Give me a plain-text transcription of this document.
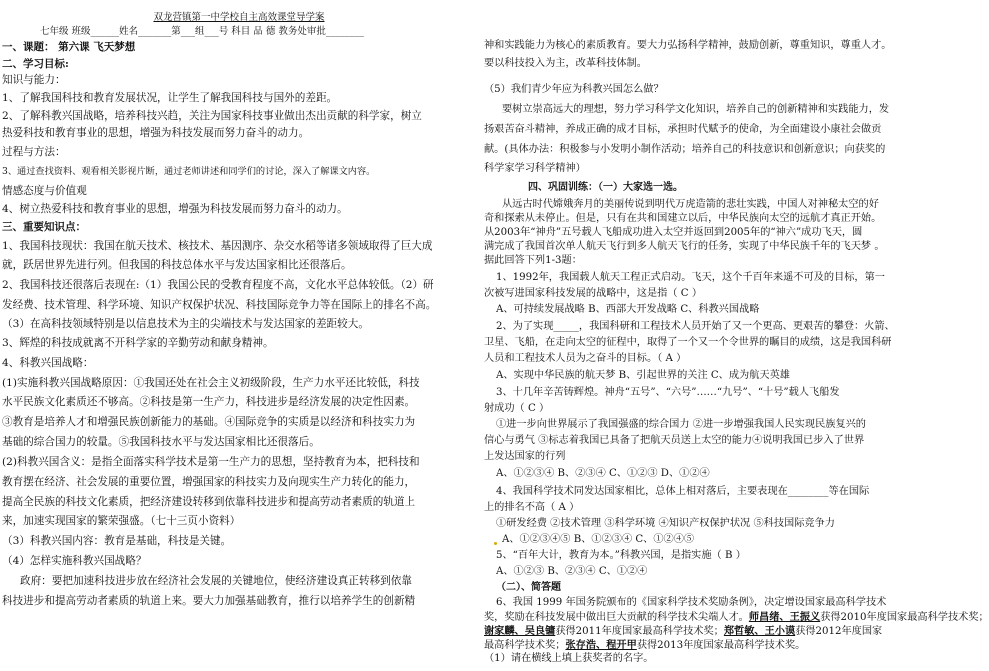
双龙营镇第一中学校自主高效课堂导学案
七年级 班级______姓名_______第___组___号 科目 品 德 教务处审批________
一、课题： 第六课 飞天梦想
二、学习目标:
知识与能力：
1、了解我国科技和教育发展状况，让学生了解我国科技与国外的差距。
2、了解科教兴国战略，培养科技兴趋，关注为国家科技事业做出杰出贡献的科学家，树立
热爱科技和教育事业的思想，增强为科技发展而努力奋斗的动力。
过程与方法：
3、通过查找资料、观看相关影视片断，通过老师讲述和同学们的讨论，深入了解课文内容。
情感态度与价值观
4、树立热爱科技和教育事业的思想，增强为科技发展而努力奋斗的动力。
三、重要知识点：
1、我国科技现状：我国在航天技术、核技术、基因测序、杂交水稻等诸多领域取得了巨大成
就，跃居世界先进行列。但我国的科技总体水平与发达国家相比还很落后。
2、我国科技还很落后表现在:（1）我国公民的受教育程度不高，文化水平总体较低。（2）研
发经费、技术管理、科学环境、知识产权保护状况、科技国际竞争力等在国际上的排名不高。
（3）在高科技领域特别是以信息技术为主的尖端技术与发达国家的差距较大。
3、辉煌的科技成就离不开科学家的辛勤劳动和献身精神。
4、科教兴国战略：
(1)实施科教兴国战略原因：①我国还处在社会主义初级阶段，生产力水平还比较低，科技
水平民族文化素质还不够高。②科技是第一生产力，科技进步是经济发展的决定性因素。
③教育是培养人才和增强民族创新能力的基础。④国际竞争的实质是以经济和科技实力为
基础的综合国力的较量。⑤我国科技水平与发达国家相比还很落后。
(2)科教兴国含义：是指全面落实科学技术是第一生产力的思想，坚持教育为本，把科技和
教育摆在经济、社会发展的重要位置，增强国家的科技实力及向现实生产力转化的能力，
提高全民族的科技文化素质，把经济建设转移到依靠科技进步和提高劳动者素质的轨道上
来，加速实现国家的繁荣强盛。（七十三页小资料）
（3）科教兴国内容：教育是基础，科技是关键。
（4）怎样实施科教兴国战略？
政府：要把加速科技进步放在经济社会发展的关键地位，使经济建设真正转移到依靠
科技进步和提高劳动者素质的轨道上来。要大力加强基础教育，推行以培养学生的创新精
神和实践能力为核心的素质教育。要大力弘扬科学精神，鼓励创新，尊重知识，尊重人才。
要以科技投入为主，改革科技体制。
（5）我们青少年应为科教兴国怎么做？
要树立崇高远大的理想，努力学习科学文化知识，培养自己的创新精神和实践能力，发
扬艰苦奋斗精神，养成正确的成才目标，承担时代赋予的使命，为全面建设小康社会做贡
献。(具体办法：积极参与小发明小制作活动；培养自己的科技意识和创新意识；向获奖的
科学家学习科学精神）
四、巩固训练：（一）大家选一选。
从远古时代嫦娥奔月的美丽传说到明代万虎造箭的悲壮实践，中国人对神秘太空的好
奇和探索从未停止。但是，只有在共和国建立以后，中华民族向太空的远航才真正开始。
从2003年“神舟”五号载人飞船成功进入太空并返回到2005年的“神六”成功飞天，圆
满完成了我国首次单人航天飞行到多人航天飞行的任务，实现了中华民族千年的飞天梦 。
据此回答下列1-3题：
1、1992年，我国载人航天工程正式启动。飞天，这个千百年来遥不可及的目标，第一
次被写进国家科技发展的战略中，这是指（ C ）
A、可持续发展战略 B、西部大开发战略 C、科教兴国战略
2、为了实现_____，我国科研和工程技术人员开始了又一个更高、更艰苦的攀登：火箭、
卫星、飞船，在走向太空的征程中，取得了一个又一个令世界的瞩目的成绩，这是我国科研
人员和工程技术人员为之奋斗的目标。（ A ）
A、实现中华民族的航天梦 B、引起世界的关注 C、成为航天英雄
3、十几年辛苦铸辉煌。神舟“五号”、“六号”……“九号”、“十号”载人飞船发
射成功（ C ）
①进一步向世界展示了我国强盛的综合国力 ②进一步增强我国人民实现民族复兴的
信心与勇气 ③标志着我国已具备了把航天员送上太空的能力④说明我国已步入了世界
上发达国家的行列
A、①②③④ B、②③④ C、①②③ D、①②④
4、我国科学技术同发达国家相比，总体上相对落后，主要表现在________等在国际
上的排名不高（ A ）
①研发经费 ②技术管理 ③科学环境 ④知识产权保护状况 ⑤科技国际竞争力
A、①②③④⑤ B、①②③④ C、①②④⑤
5、“百年大计，教育为本。”科教兴国，是指实施（ B ）
A、①②③ B、②③④ C、①②④
（二）、简答题
6、我国 1999 年国务院颁布的《国家科学技术奖励条例》，决定增设国家最高科学技术
奖，奖励在科技发展中做出巨大贡献的科学技术尖端人才。师昌绪、王振义获得2010年度国家最高科学技术奖；
谢家麟、吴良镛获得2011年度国家最高科学技术奖；郑哲敏、王小谟获得2012年度国家
最高科学技术奖；张存浩、程开甲获得2013年度国家最高科学技术奖。
（1）请在横线上填上获奖者的名字。
